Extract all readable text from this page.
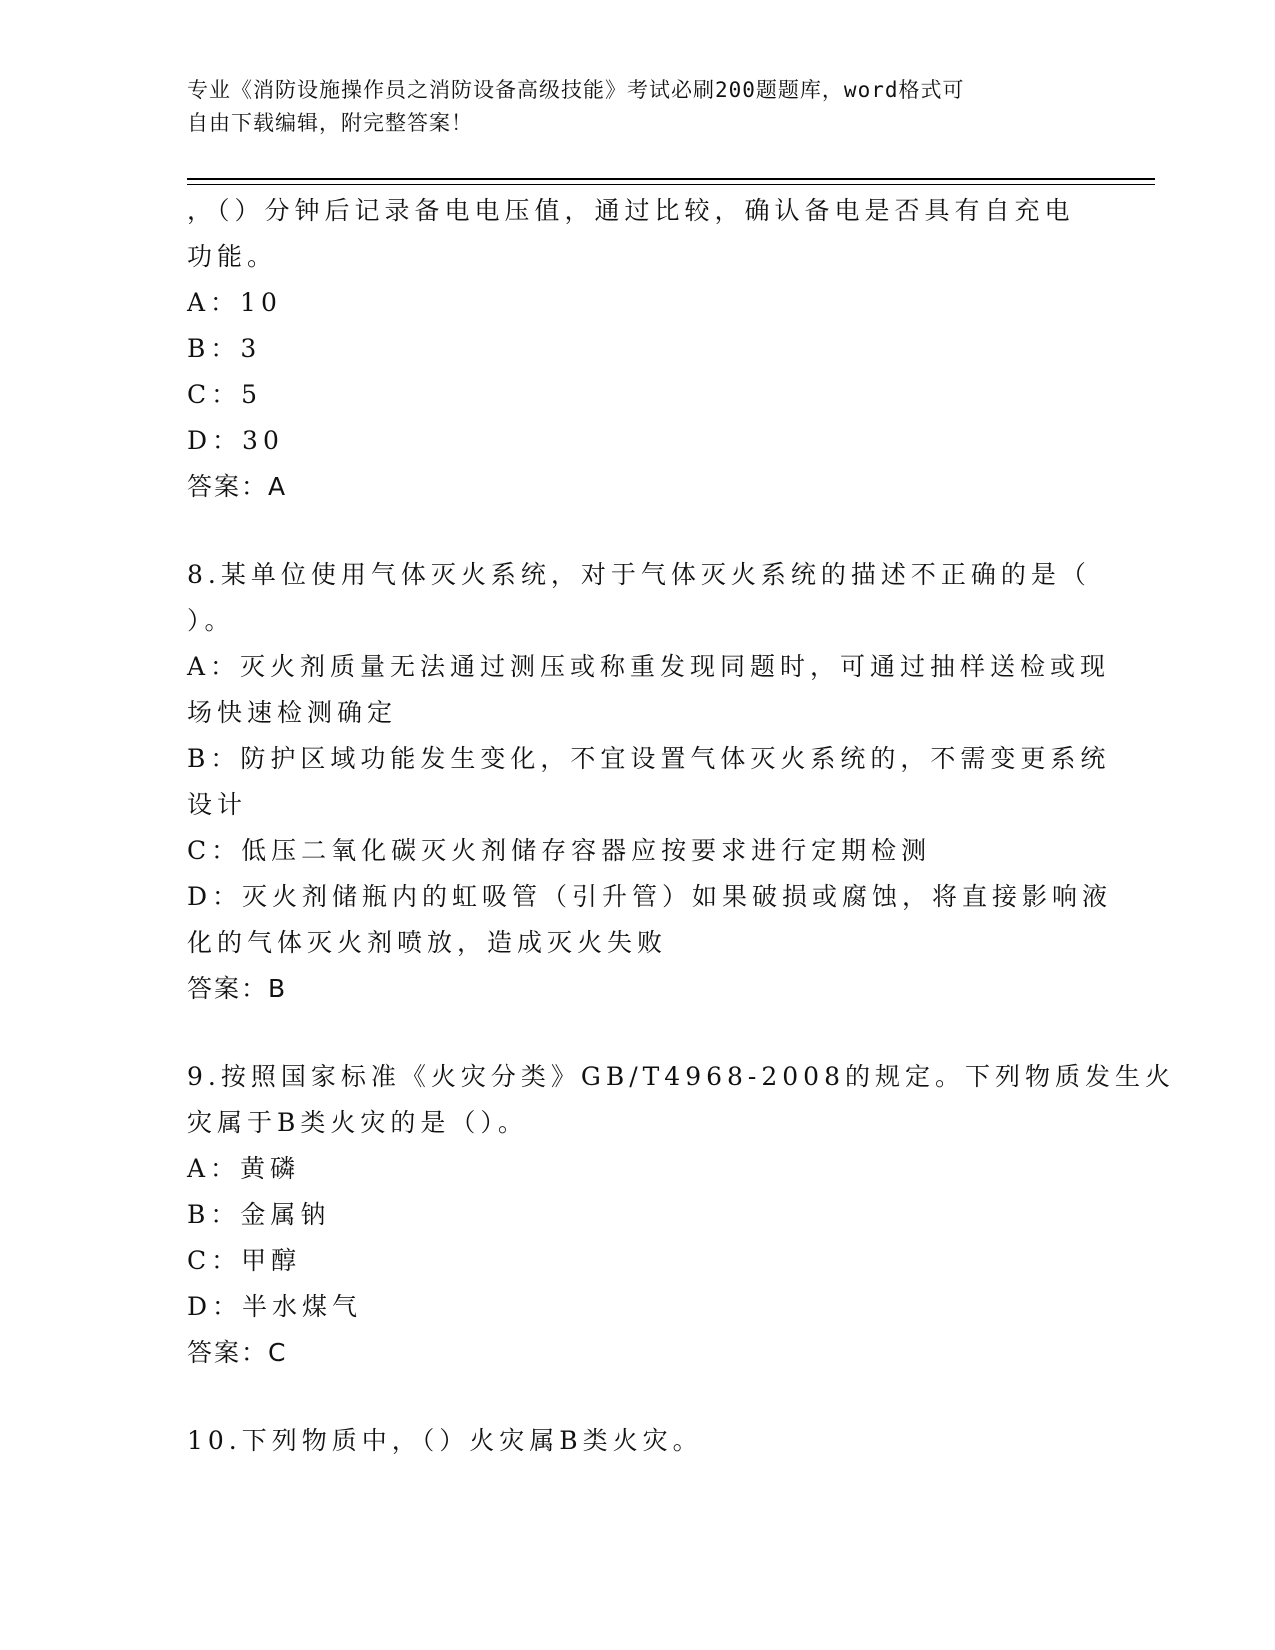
专业《消防设施操作员之消防设备高级技能》考试必刷200题题库，word格式可
自由下载编辑，附完整答案！
，（）分钟后记录备电电压值，通过比较，确认备电是否具有自充电
功能。
A：10
B：3
C：5
D：30
答案：A
8.某单位使用气体灭火系统，对于气体灭火系统的描述不正确的是（
）。
A：灭火剂质量无法通过测压或称重发现同题时，可通过抽样送检或现
场快速检测确定
B：防护区域功能发生变化，不宜设置气体灭火系统的，不需变更系统
设计
C：低压二氧化碳灭火剂储存容器应按要求进行定期检测
D：灭火剂储瓶内的虹吸管（引升管）如果破损或腐蚀，将直接影响液
化的气体灭火剂喷放，造成灭火失败
答案：B
9.按照国家标准《火灾分类》GB/T4968-2008的规定。下列物质发生火
灾属于B类火灾的是（）。
A：黄磷
B：金属钠
C：甲醇
D：半水煤气
答案：C
10.下列物质中，（）火灾属B类火灾。
